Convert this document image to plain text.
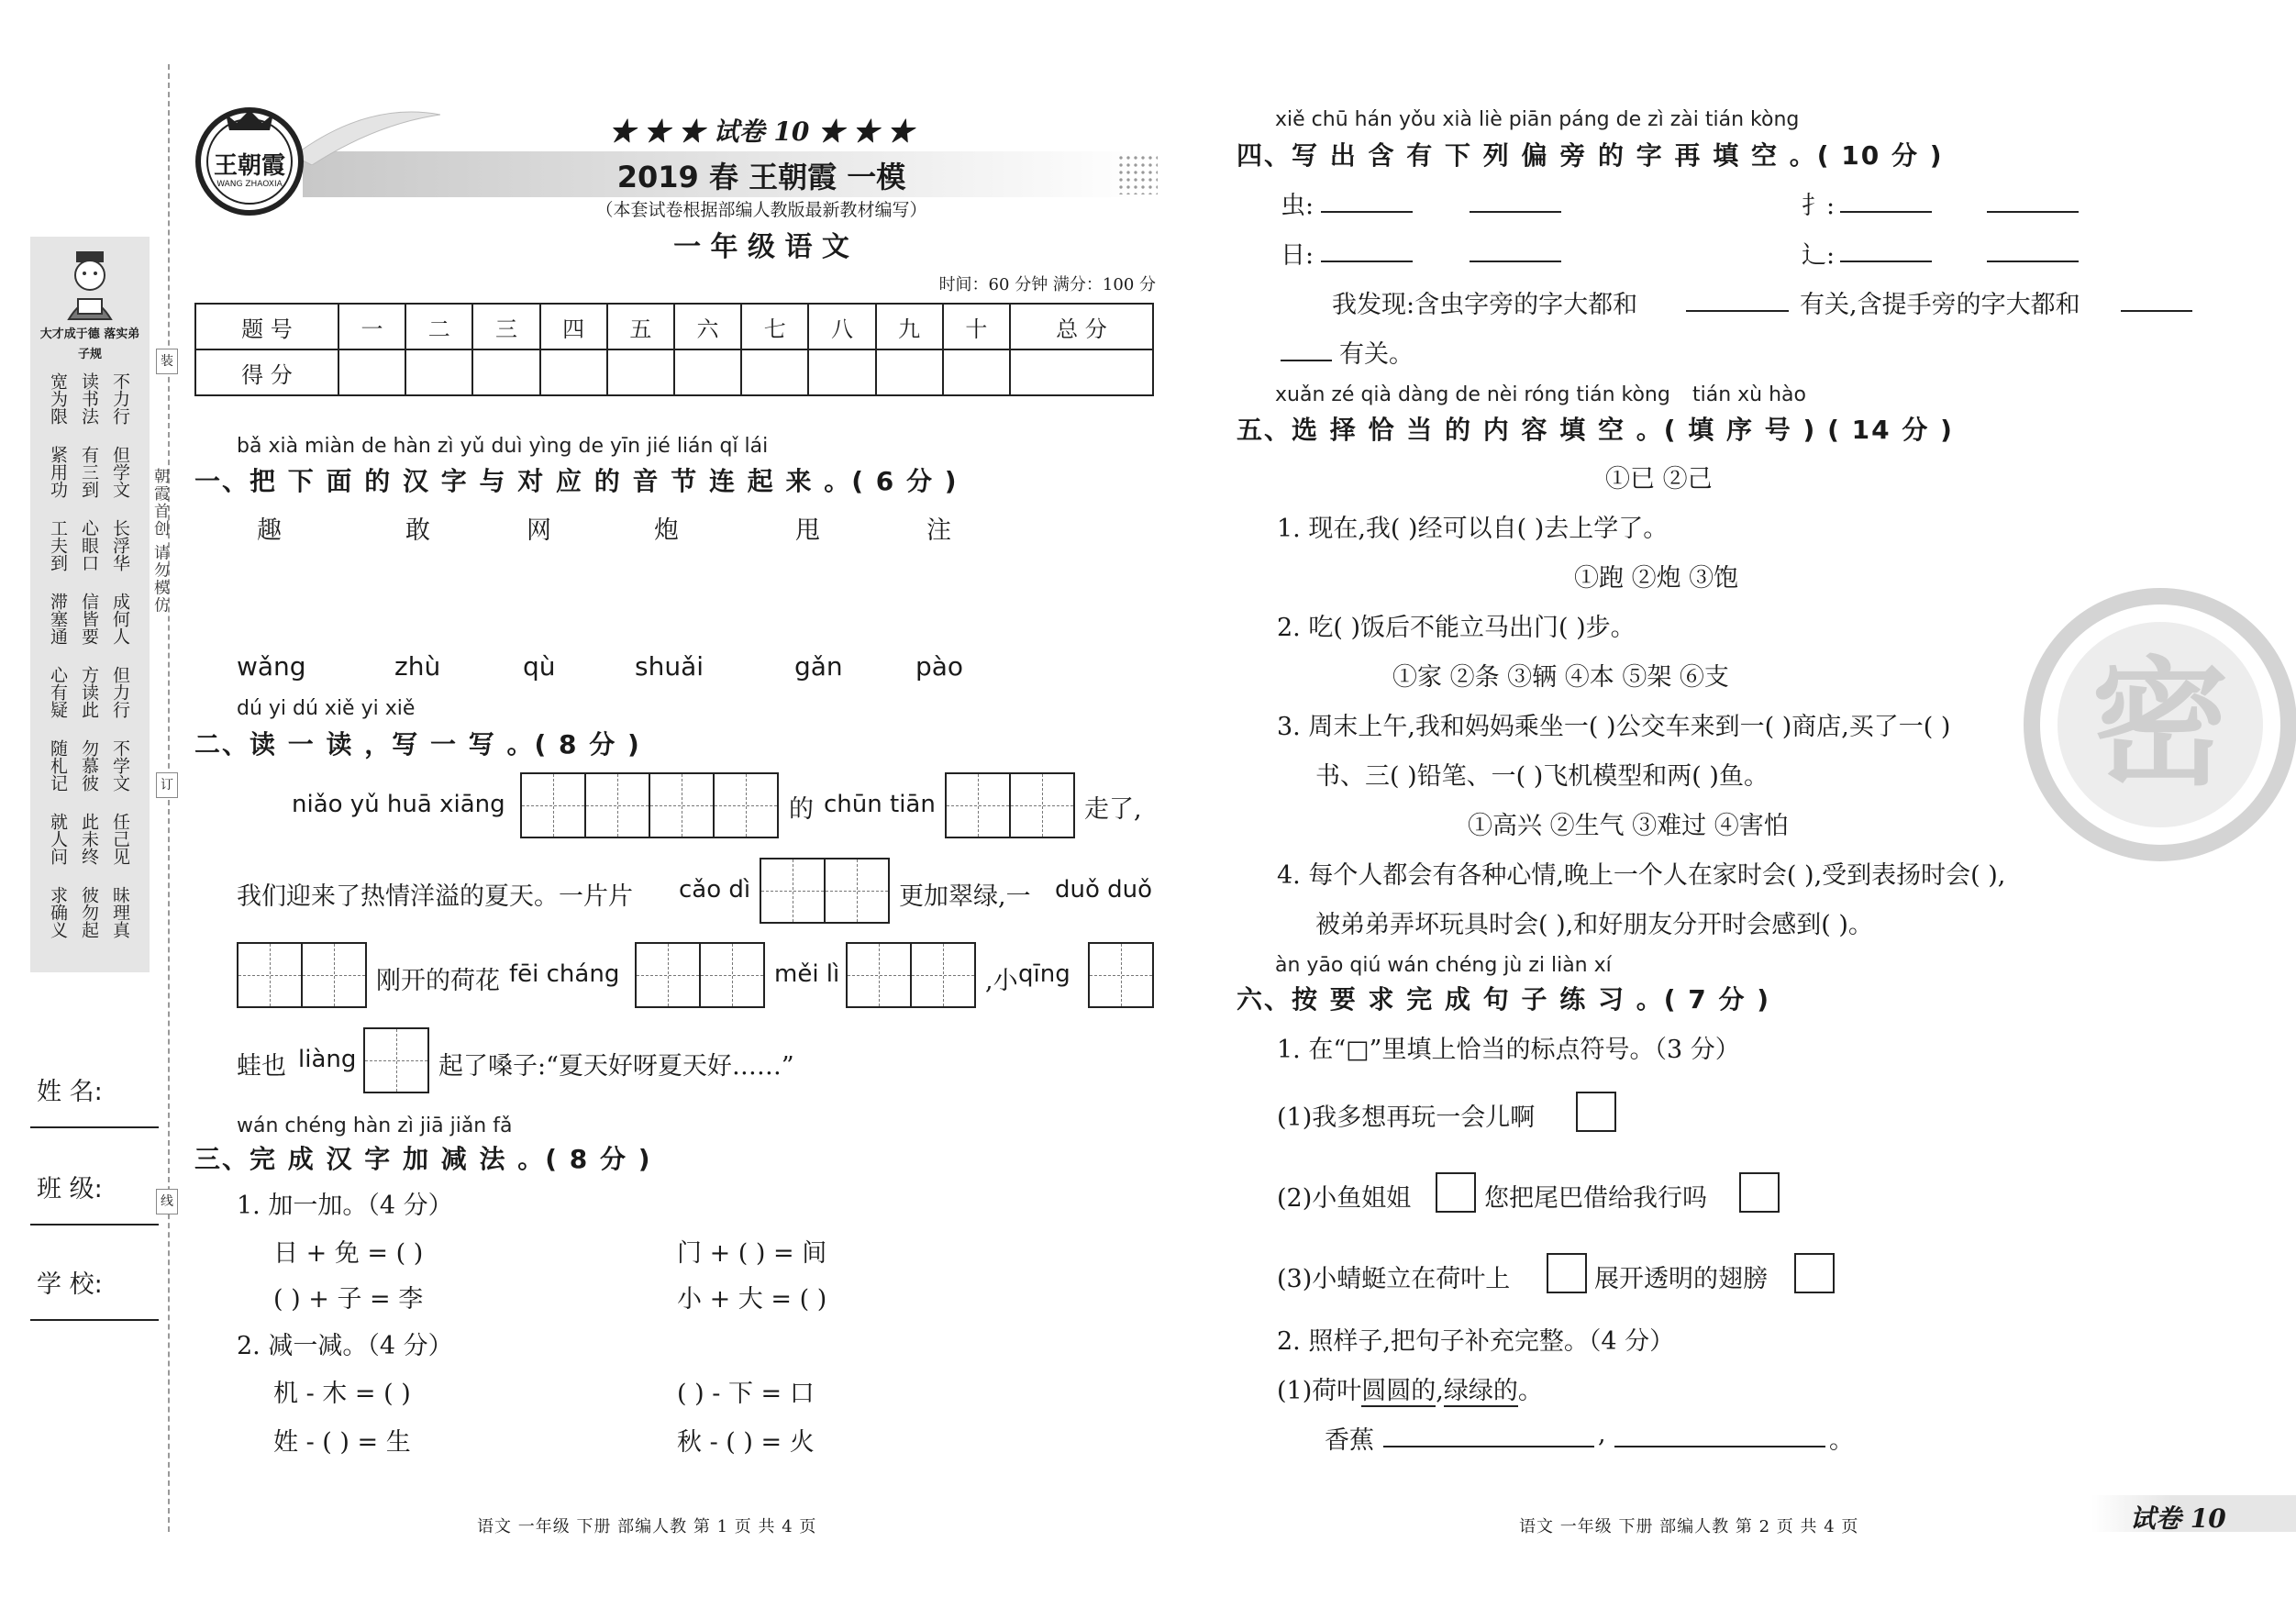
大才成于德 落实弟子规
宽为限 读书法 不力行
紧用功 有三到 但学文
工夫到 心眼口 长浮华
滞塞通 信皆要 成何人
心有疑 方读此 但力行
随札记 勿慕彼 不学文
就人问 此未终 任己见
求确义 彼勿起 昧理真
朝霞首创 请勿模仿
装
订
线
姓 名:
班 级:
学 校:
王朝霞
WANG ZHAOXIA
★ ★ ★ 试卷 10 ★ ★ ★
2019 春 王朝霞 一模
（本套试卷根据部编人教版最新教材编写）
一 年 级 语 文
时间：60 分钟 满分：100 分
题 号	一	二	三	四	五	六	七	八	九	十	总 分
得 分											
bǎ xià miàn de hàn zì yǔ duì yìng de yīn jié lián qǐ lái
一、把 下 面 的 汉 字 与 对 应 的 音 节 连 起 来 。( 6 分 )
趣	敢	网	炮	甩	注
wǎng	zhù	qù	shuǎi	gǎn	pào
dú yi dú xiě yi xiě
二、读 一 读 ，写 一 写 。( 8 分 )
niǎo yǔ huā xiāng	的 chūn tiān	走了,
我们迎来了热情洋溢的夏天。一片片 cǎo dì	更加翠绿,一 duǒ duǒ
刚开的荷花 fēi cháng	měi lì	,小 qīng
蛙也 liàng	起了嗓子:“夏天好呀夏天好……”
wán chéng hàn zì jiā jiǎn fǎ
三、完 成 汉 字 加 减 法 。( 8 分 )
1. 加一加。（4 分）
日 + 免 = ( )	门 + ( ) = 间
( ) + 子 = 李	小 + 大 = ( )
2. 减一减。（4 分）
机 - 木 = ( )	( ) - 下 = 口
姓 - ( ) = 生	秋 - ( ) = 火
语文 一年级 下册 部编人教 第 1 页 共 4 页
密
xiě chū hán yǒu xià liè piān páng de zì zài tián kòng
四、写 出 含 有 下 列 偏 旁 的 字 再 填 空 。( 10 分 )
虫:	扌:
日:	辶:
我发现:含虫字旁的字大都和	有关,含提手旁的字大都和
有关。
xuǎn zé qià dàng de nèi róng tián kòng tián xù hào
五、选 择 恰 当 的 内 容 填 空 。( 填 序 号 ) ( 14 分 )
①已 ②己
1. 现在,我( )经可以自( )去上学了。
①跑 ②炮 ③饱
2. 吃( )饭后不能立马出门( )步。
①家 ②条 ③辆 ④本 ⑤架 ⑥支
3. 周末上午,我和妈妈乘坐一( )公交车来到一( )商店,买了一( )
书、三( )铅笔、一( )飞机模型和两( )鱼。
①高兴 ②生气 ③难过 ④害怕
4. 每个人都会有各种心情,晚上一个人在家时会( ),受到表扬时会( ),
被弟弟弄坏玩具时会( ),和好朋友分开时会感到( )。
àn yāo qiú wán chéng jù zi liàn xí
六、按 要 求 完 成 句 子 练 习 。( 7 分 )
1. 在“□”里填上恰当的标点符号。（3 分）
(1)我多想再玩一会儿啊
(2)小鱼姐姐	您把尾巴借给我行吗
(3)小蜻蜓立在荷叶上	展开透明的翅膀
2. 照样子,把句子补充完整。（4 分）
(1)荷叶圆圆的,绿绿的。
香蕉	,	。
语文 一年级 下册 部编人教 第 2 页 共 4 页	试卷 10
